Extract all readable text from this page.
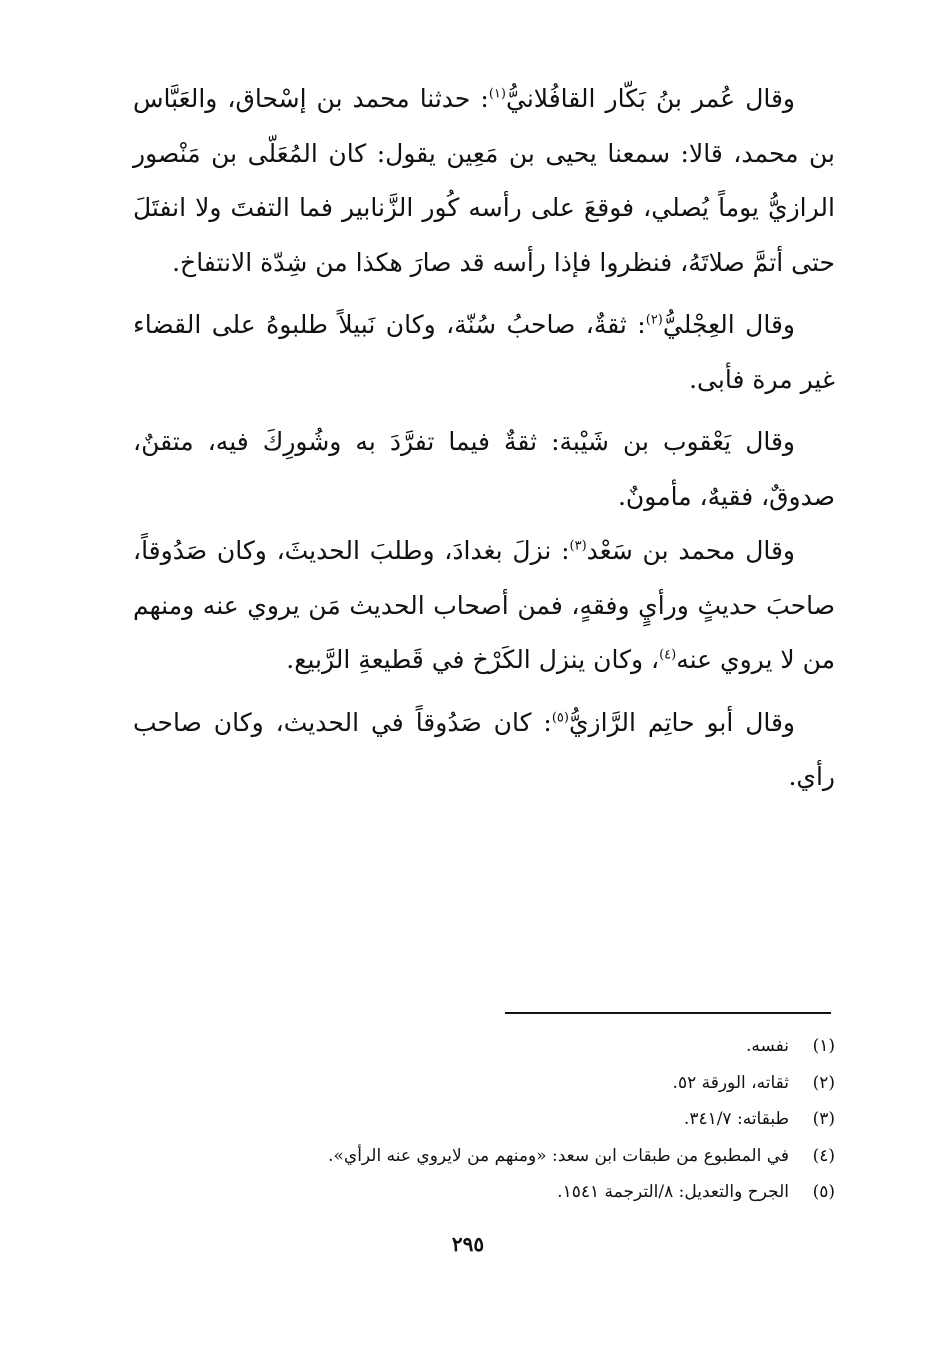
وقال عُمر بنُ بَكّار القافُلانيُّ$^{(١)}$: حدثنا محمد بن إسْحاق، والعَبَّاس بن محمد، قالا: سمعنا يحيى بن مَعِين يقول: كان المُعَلّى بن مَنْصور الرازيُّ يوماً يُصلي، فوقعَ على رأسه كُور الزَّنابير فما التفتَ ولا انفتَلَ حتى أتمَّ صلاتَهُ، فنظروا فإذا رأسه قد صارَ هكذا من شِدّة الانتفاخ.

وقال العِجْليُّ$^{(٢)}$: ثقةٌ، صاحبُ سُنّة، وكان نَبيلاً طلبوهُ على القضاء غير مرة فأبى.

وقال يَعْقوب بن شَيْبة: ثقةٌ فيما تفرَّدَ به وشُورِكَ فيه، متقنٌ، صدوقٌ، فقيهٌ، مأمونٌ.

وقال محمد بن سَعْد$^{(٣)}$: نزلَ بغدادَ، وطلبَ الحديثَ، وكان صَدُوقاً، صاحبَ حديثٍ ورأيٍ وفقهٍ، فمن أصحاب الحديث مَن يروي عنه ومنهم من لا يروي عنه$^{(٤)}$، وكان ينزل الكَرْخ في قَطيعةِ الرَّبيع.

وقال أبو حاتِم الرَّازيُّ$^{(٥)}$: كان صَدُوقاً في الحديث، وكان صاحب رأي.

(١)
نفسه.
(٢)
ثقاته، الورقة ٥٢.
(٣)
طبقاته: ٣٤١/٧.
(٤)
في المطبوع من طبقات ابن سعد: «ومنهم من لايروي عنه الرأي».
(٥)
الجرح والتعديل: ٨/الترجمة ١٥٤١.
٢٩٥
